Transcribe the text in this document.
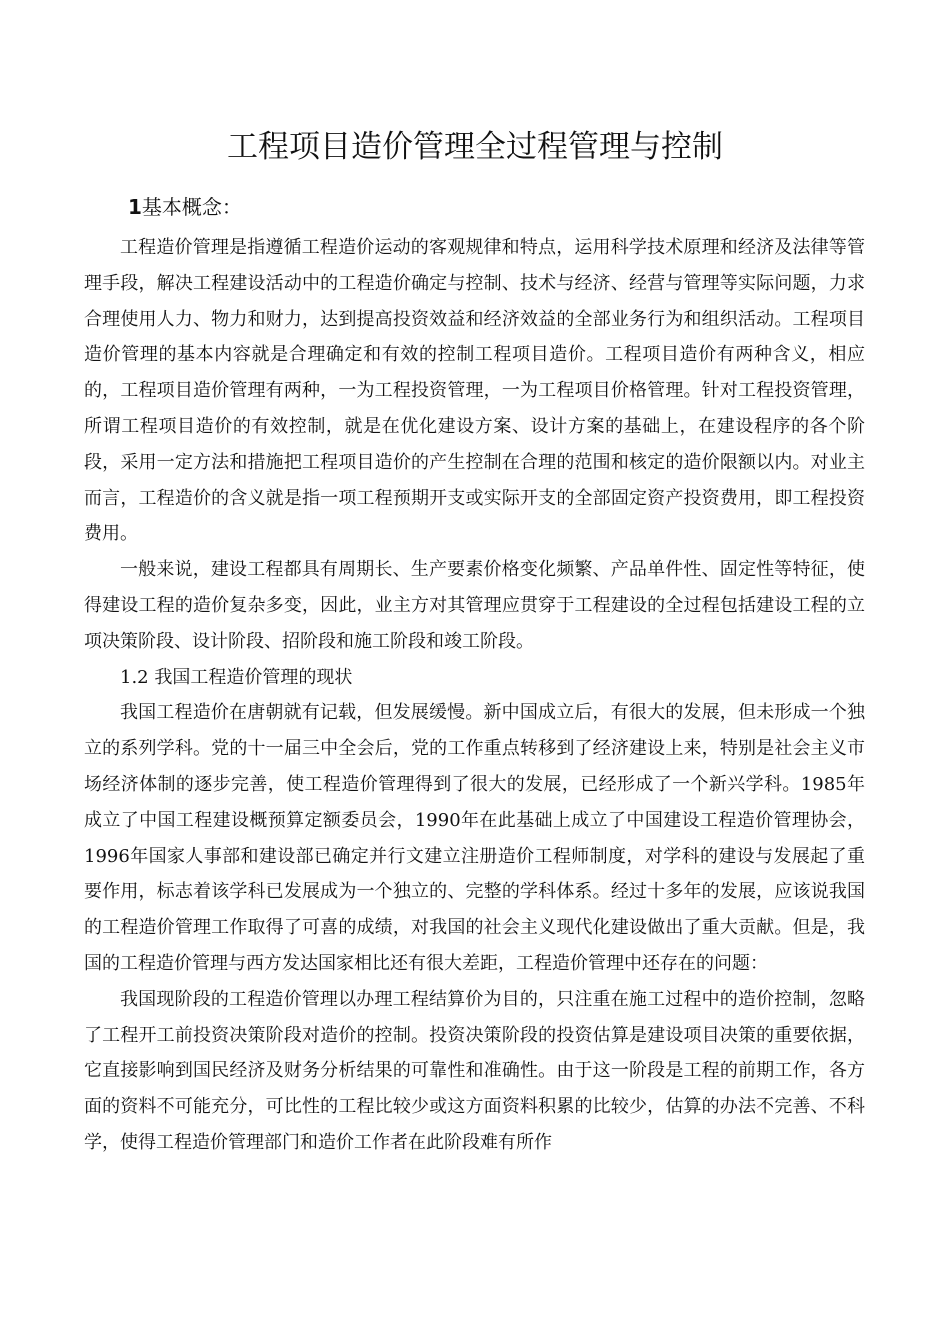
工程项目造价管理全过程管理与控制
1基本概念：

工程造价管理是指遵循工程造价运动的客观规律和特点，运用科学技术原理和经济及法律等管理手段，解决工程建设活动中的工程造价确定与控制、技术与经济、经营与管理等实际问题，力求合理使用人力、物力和财力，达到提高投资效益和经济效益的全部业务行为和组织活动。工程项目造价管理的基本内容就是合理确定和有效的控制工程项目造价。工程项目造价有两种含义，相应的，工程项目造价管理有两种，一为工程投资管理，一为工程项目价格管理。针对工程投资管理，所谓工程项目造价的有效控制，就是在优化建设方案、设计方案的基础上，在建设程序的各个阶段，采用一定方法和措施把工程项目造价的产生控制在合理的范围和核定的造价限额以内。对业主而言，工程造价的含义就是指一项工程预期开支或实际开支的全部固定资产投资费用，即工程投资费用。

一般来说，建设工程都具有周期长、生产要素价格变化频繁、产品单件性、固定性等特征，使得建设工程的造价复杂多变，因此，业主方对其管理应贯穿于工程建设的全过程包括建设工程的立项决策阶段、设计阶段、招阶段和施工阶段和竣工阶段。

1.2 我国工程造价管理的现状

我国工程造价在唐朝就有记载，但发展缓慢。新中国成立后，有很大的发展，但未形成一个独立的系列学科。党的十一届三中全会后，党的工作重点转移到了经济建设上来，特别是社会主义市场经济体制的逐步完善，使工程造价管理得到了很大的发展，已经形成了一个新兴学科。1985年成立了中国工程建设概预算定额委员会，1990年在此基础上成立了中国建设工程造价管理协会，1996年国家人事部和建设部已确定并行文建立注册造价工程师制度，对学科的建设与发展起了重要作用，标志着该学科已发展成为一个独立的、完整的学科体系。经过十多年的发展，应该说我国的工程造价管理工作取得了可喜的成绩，对我国的社会主义现代化建设做出了重大贡献。但是，我国的工程造价管理与西方发达国家相比还有很大差距，工程造价管理中还存在的问题：

我国现阶段的工程造价管理以办理工程结算价为目的，只注重在施工过程中的造价控制，忽略了工程开工前投资决策阶段对造价的控制。投资决策阶段的投资估算是建设项目决策的重要依据，它直接影响到国民经济及财务分析结果的可靠性和准确性。由于这一阶段是工程的前期工作，各方面的资料不可能充分，可比性的工程比较少或这方面资料积累的比较少，估算的办法不完善、不科学，使得工程造价管理部门和造价工作者在此阶段难有所作
